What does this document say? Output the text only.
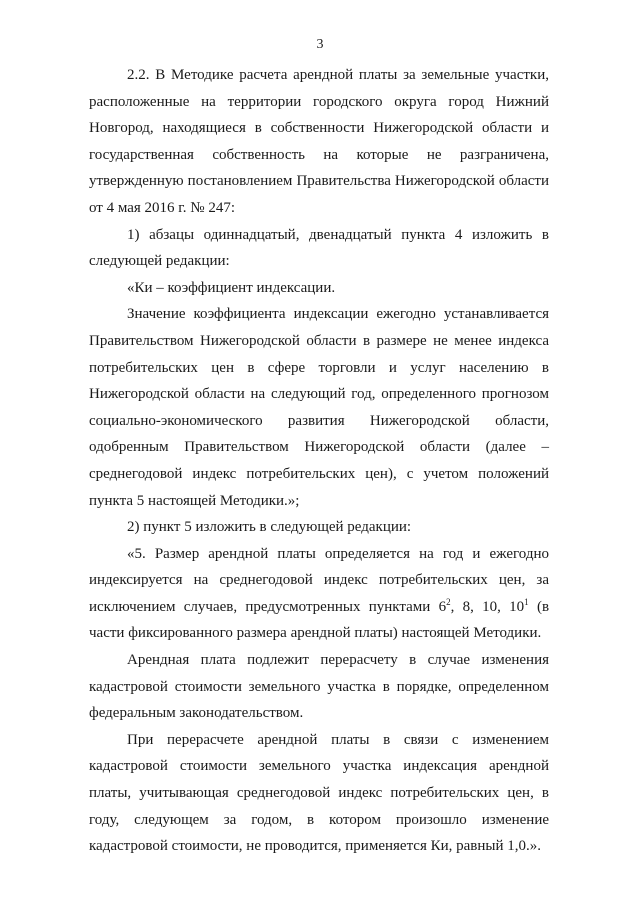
3

2.2. В Методике расчета арендной платы за земельные участки, расположенные на территории городского округа город Нижний Новгород, находящиеся в собственности Нижегородской области и государственная собственность на которые не разграничена, утвержденную постановлением Правительства Нижегородской области от 4 мая 2016 г. № 247:

1) абзацы одиннадцатый, двенадцатый пункта 4 изложить в следующей редакции:

«Ки – коэффициент индексации.

Значение коэффициента индексации ежегодно устанавливается Правительством Нижегородской области в размере не менее индекса потребительских цен в сфере торговли и услуг населению в Нижегородской области на следующий год, определенного прогнозом социально-экономического развития Нижегородской области, одобренным Правительством Нижегородской области (далее – среднегодовой индекс потребительских цен), с учетом положений пункта 5 настоящей Методики.»;

2) пункт 5 изложить в следующей редакции:

«5. Размер арендной платы определяется на год и ежегодно индексируется на среднегодовой индекс потребительских цен, за исключением случаев, предусмотренных пунктами $6^2$, 8, 10, $10^1$ (в части фиксированного размера арендной платы) настоящей Методики.

Арендная плата подлежит перерасчету в случае изменения кадастровой стоимости земельного участка в порядке, определенном федеральным законодательством.

При перерасчете арендной платы в связи с изменением кадастровой стоимости земельного участка индексация арендной платы, учитывающая среднегодовой индекс потребительских цен, в году, следующем за годом, в котором произошло изменение кадастровой стоимости, не проводится, применяется Ки, равный 1,0.».
